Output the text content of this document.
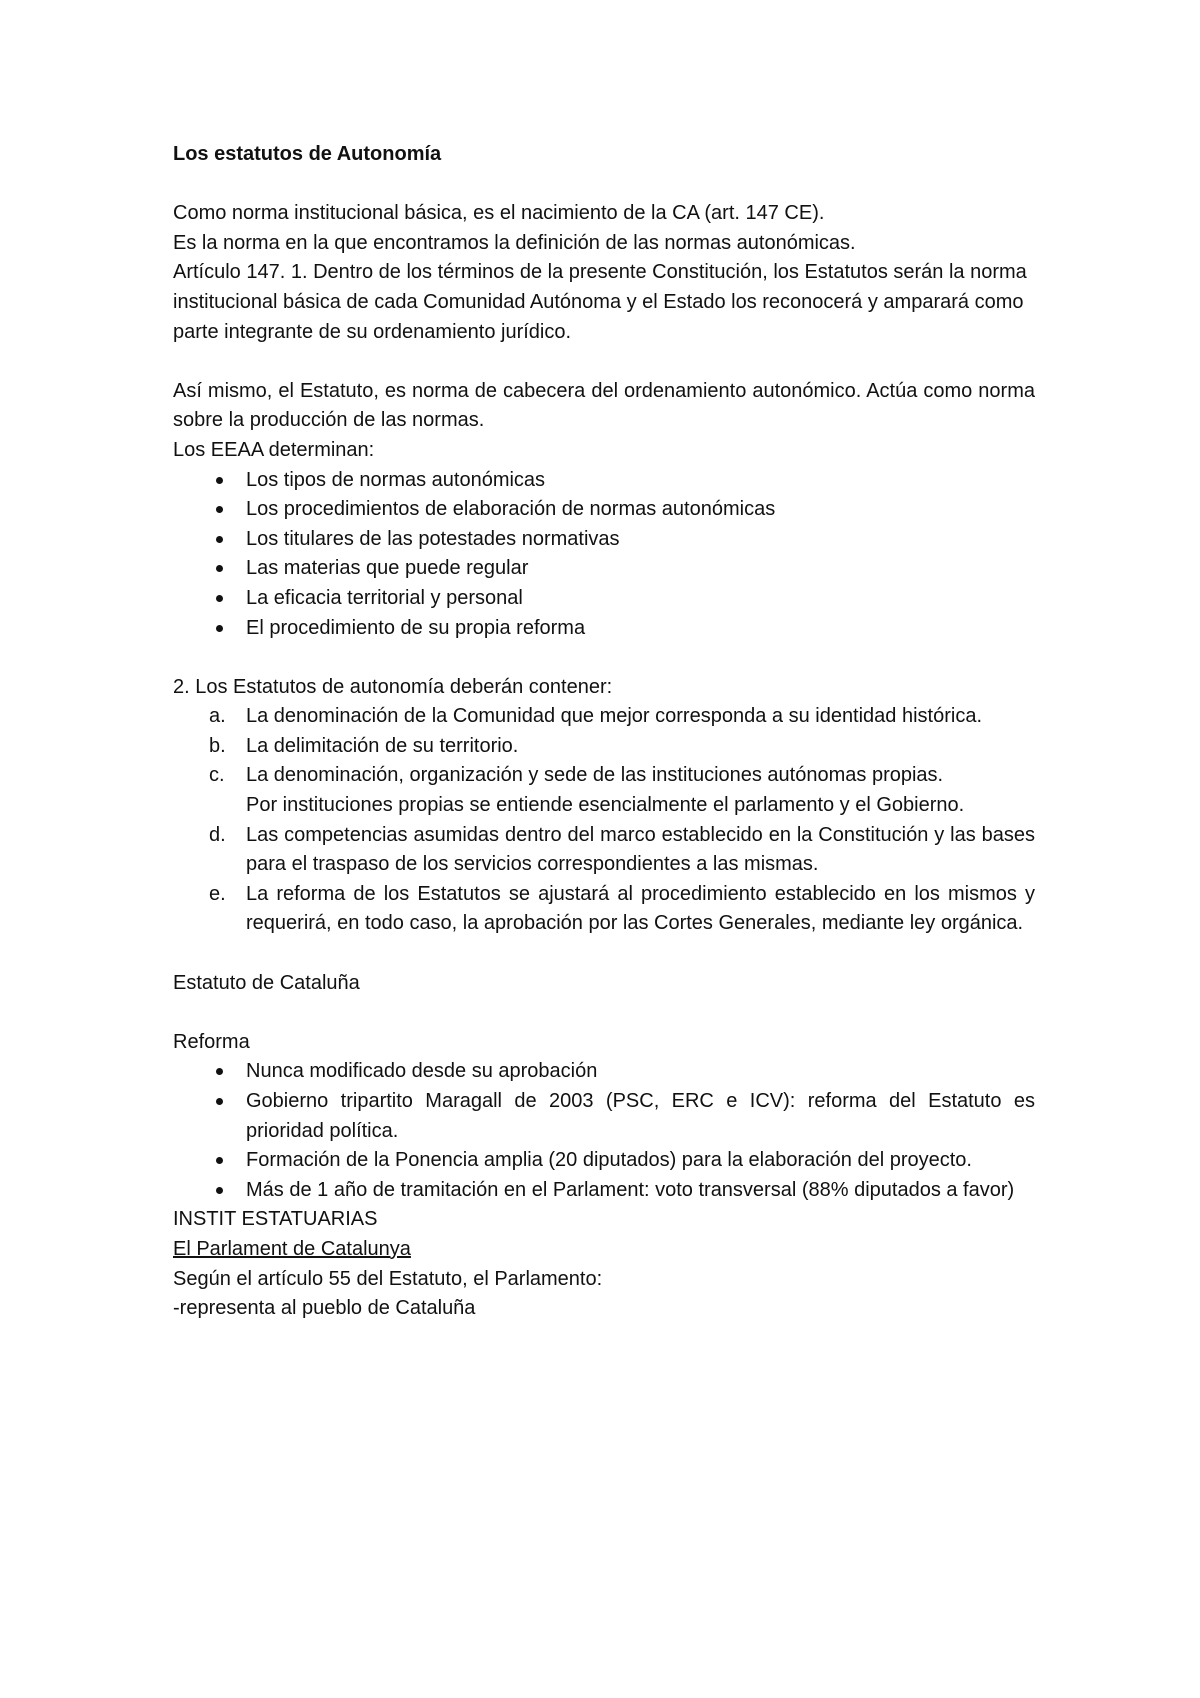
Los estatutos de Autonomía

Como norma institucional básica, es el nacimiento de la CA (art. 147 CE).

Es la norma en la que encontramos la definición de las normas autonómicas.

Artículo 147. 1. Dentro de los términos de la presente Constitución, los Estatutos serán la norma institucional básica de cada Comunidad Autónoma y el Estado los reconocerá y amparará como parte integrante de su ordenamiento jurídico.

Así mismo, el Estatuto, es norma de cabecera del ordenamiento autonómico. Actúa como norma sobre la producción de las normas.

Los EEAA determinan:

Los tipos de normas autonómicas
Los procedimientos de elaboración de normas autonómicas
Los titulares de las potestades normativas
Las materias que puede regular
La eficacia territorial y personal
El procedimiento de su propia reforma

2. Los Estatutos de autonomía deberán contener:

a. La denominación de la Comunidad que mejor corresponda a su identidad histórica.
b. La delimitación de su territorio.
c. La denominación, organización y sede de las instituciones autónomas propias.
Por instituciones propias se entiende esencialmente el parlamento y el Gobierno.
d. Las competencias asumidas dentro del marco establecido en la Constitución y las bases para el traspaso de los servicios correspondientes a las mismas.
e. La reforma de los Estatutos se ajustará al procedimiento establecido en los mismos y requerirá, en todo caso, la aprobación por las Cortes Generales, mediante ley orgánica.

Estatuto de Cataluña

Reforma

Nunca modificado desde su aprobación
Gobierno tripartito Maragall de 2003 (PSC, ERC e ICV): reforma del Estatuto es prioridad política.
Formación de la Ponencia amplia (20 diputados) para la elaboración del proyecto.
Más de 1 año de tramitación en el Parlament: voto transversal (88% diputados a favor)

INSTIT ESTATUARIAS

El Parlament de Catalunya

Según el artículo 55 del Estatuto, el Parlamento:

-representa al pueblo de Cataluña
